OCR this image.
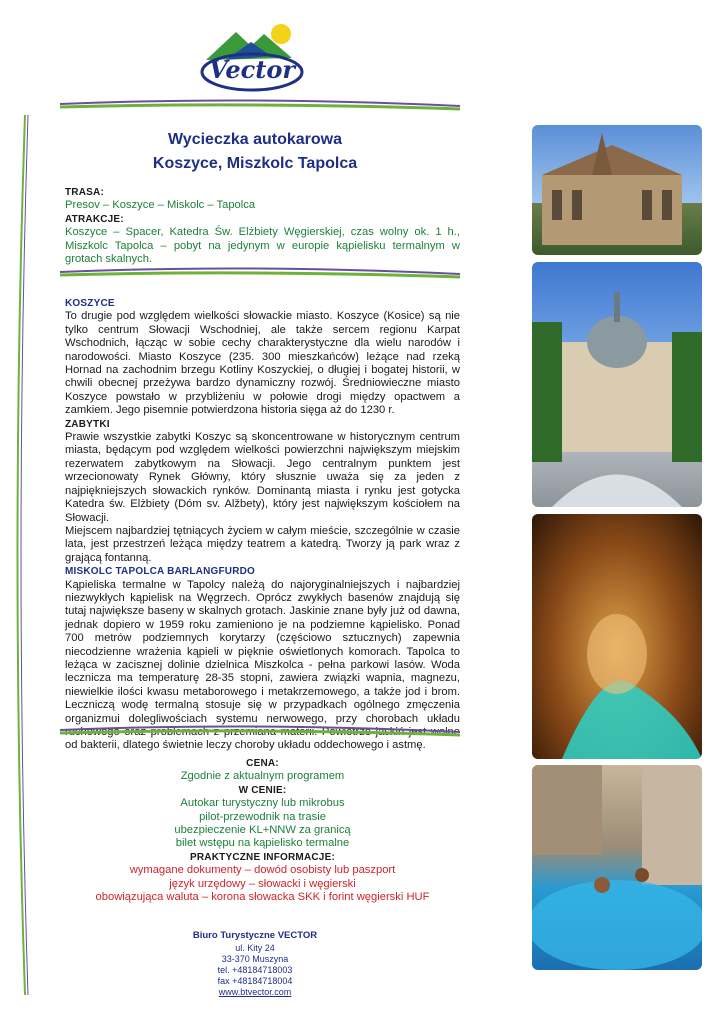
Vector
Wycieczka autokarowa
Koszyce, Miszkolc Tapolca
TRASA:
Presov – Koszyce – Miskolc – Tapolca
ATRAKCJE:

Koszyce – Spacer, Katedra Św. Elżbiety Węgierskiej, czas wolny ok. 1 h., Miszkolc Tapolca – pobyt na jedynym w europie kąpielisku termalnym w grotach skalnych.

KOSZYCE

To drugie pod względem wielkości słowackie miasto. Koszyce (Kosice) są nie tylko centrum Słowacji Wschodniej, ale także sercem regionu Karpat Wschodnich, łącząc w sobie cechy charakterystyczne dla wielu narodów i narodowości. Miasto Koszyce (235. 300 mieszkańców) leżące nad rzeką Hornad na zachodnim brzegu Kotliny Koszyckiej, o długiej i bogatej historii, w chwili obecnej przeżywa bardzo dynamiczny rozwój. Średniowieczne miasto Koszyce powstało w przybliżeniu w połowie drogi między opactwem a zamkiem. Jego pisemnie potwierdzona historia sięga aż do 1230 r.

ZABYTKI

Prawie wszystkie zabytki Koszyc są skoncentrowane w historycznym centrum miasta, będącym pod względem wielkości powierzchni największym miejskim rezerwatem zabytkowym na Słowacji. Jego centralnym punktem jest wrzecionowaty Rynek Główny, który słusznie uważa się za jeden z najpiękniejszych słowackich rynków. Dominantą miasta i rynku jest gotycka Katedra św. Elżbiety (Dóm sv. Alžbety), który jest największym kościołem na Słowacji.

Miejscem najbardziej tętniących życiem w całym mieście, szczególnie w czasie lata, jest przestrzeń leżąca między teatrem a katedrą. Tworzy ją park wraz z grającą fontanną.

MISKOLC TAPOLCA BARLANGFURDO

Kąpieliska termalne w Tapolcy należą do najoryginalniejszych i najbardziej niezwykłych kąpielisk na Węgrzech. Oprócz zwykłych basenów znajdują się tutaj największe baseny w skalnych grotach. Jaskinie znane były już od dawna, jednak dopiero w 1959 roku zamieniono je na podziemne kąpielisko. Ponad 700 metrów podziemnych korytarzy (częściowo sztucznych) zapewnia niecodzienne wrażenia kąpieli w pięknie oświetlonych komorach. Tapolca to leżąca w zacisznej dolinie dzielnica Miszkolca - pełna parkowi lasów. Woda lecznicza ma temperaturę 28-35 stopni, zawiera związki wapnia, magnezu, niewielkie ilości kwasu metaborowego i metakrzemowego, a także jod i brom. Leczniczą wodę termalną stosuje się w przypadkach ogólnego zmęczenia organizmui dolegliwościach systemu nerwowego, przy chorobach układu ruchowego oraz problemach z przemiana materii. Powietrze jaskiń jest wolne od bakterii, dlatego świetnie leczy choroby układu oddechowego i astmę.

CENA:
Zgodnie z aktualnym programem
W CENIE:
Autokar turystyczny lub mikrobus
pilot-przewodnik na trasie
ubezpieczenie KL+NNW za granicą
bilet wstępu na kąpielisko termalne
PRAKTYCZNE INFORMACJE:
wymagane dokumenty – dowód osobisty lub paszport
język urzędowy – słowacki i węgierski
obowiązująca waluta – korona słowacka SKK i forint węgierski HUF
Biuro Turystyczne VECTOR
ul. Kity 24
33-370 Muszyna
tel. +48184718003
fax +48184718004
www.btvector.com
